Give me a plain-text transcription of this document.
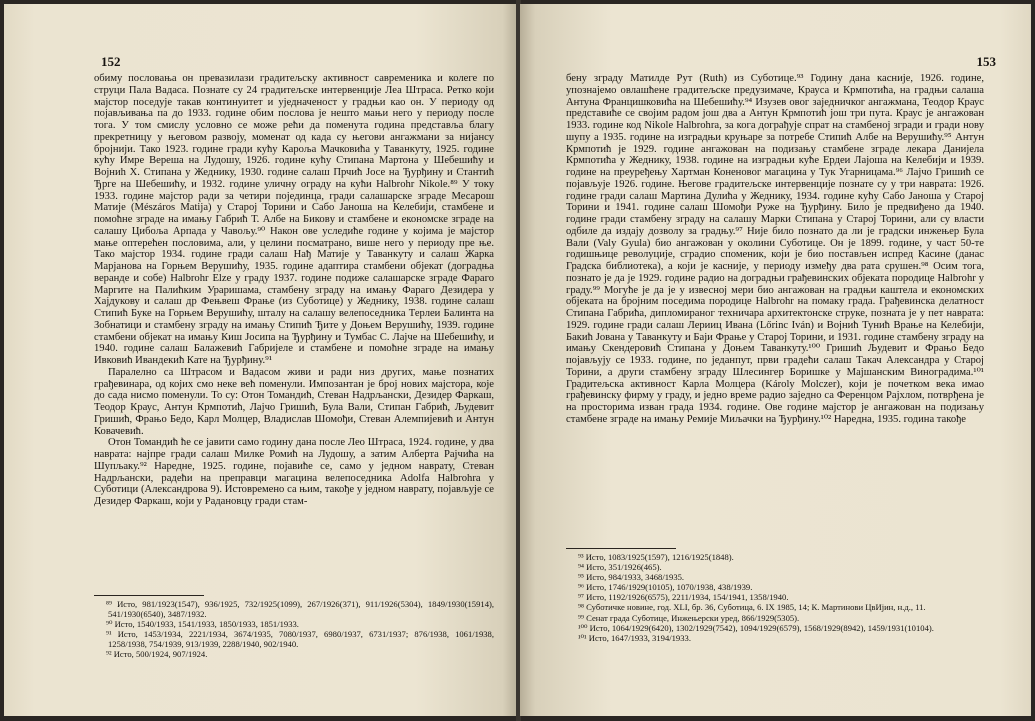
152

обиму пословања он превазилази градитељску активност савременика и колеге по струци Пала Вадаса. Познате су 24 градитељске интервенције Леа Штраса. Ретко који мајстор поседује такав континуитет и уједначеност у градњи као он. У периоду од појављивања па до 1933. године обим послова је нешто мањи него у периоду после тога. У том смислу условно се може рећи да поменута година представља благу прекретницу у његовом развоју, моменат од када су његови ангажмани за нијансу бројнији. Тако 1923. године гради кућу Карoља Мачковића у Таванкуту, 1925. године кућу Имре Вереша на Лудошу, 1926. године кућу Стипана Мартона у Шебешићу и Војниh X. Стипана у Жеднику, 1930. године салаш Прчић Јосе на Ђурђину и Стантић Ђрге на Шебешићу, и 1932. године уличну ограду на кући Halbrohr Nikole.⁸⁹ У току 1933. године мајстор ради за четири појединца, гради салашарске зграде Месарош Матије (Mészáros Matija) у Старој Торини и Сабо Јаноша на Келебији, стамбене и помоћне зграде на имању Габрић Т. Албе на Биковy и стамбене и економске зграде на салашу Цибоља Арпада у Чавољу.⁹⁰ Након ове уследиће године у којима је мајстор мање оптерећен пословима, али, у целини посматрано, више него у периоду пре ње. Тако мајстор 1934. године гради салаш Нађ Матије у Таванкуту и салаш Жарка Марјанова на Горњем Верушићу, 1935. године адаптира стамбени објекат (доградња веранде и собе) Halbrohr Elze у граду 1937. године подиже салашарске зграде Фараго Маргите на Палићким Ураришама, стамбену зграду на имању Фараго Дезидера у Хајдукову и салаш др Фењвеш Фрање (из Суботице) у Жеднику, 1938. године салаш Стипић Буке на Горњем Верушићу, шталу на салашу велепоседника Терлеи Балинта на Зобнатици и стамбену зграду на имању Стипић Ђите у Доњем Верушићу, 1939. године стамбени објекат на имању Киш Јосипа на Ђурђину и Тумбас С. Лајче на Шебешићу, и 1940. године салаш Балажевић Габријеле и стамбене и помоћне зграде на имању Ивковић Ивандекић Кате на Ђурђину.⁹¹

Паралелно са Штрасом и Вадасом живи и ради низ других, мање познатих грађевинара, од којих смо неке већ поменули. Импозантан је број нових мајстора, које до сада нисмо поменули. То су: Отон Томандић, Стеван Надрљански, Дезидер Фаркаш, Теодор Краус, Антун Крмпотић, Лајчо Гришић, Була Вали, Стипан Габрић, Људевит Гришић, Фрањо Бедо, Карл Молцер, Владислав Шомођи, Стеван Алемпијевић и Антун Ковачевић.

Отон Томандић ће се јавити само годину дана после Лео Штраса, 1924. године, у два наврата: најпре гради салаш Милке Ромић на Лудошу, а затим Алберта Рајчића на Шупљаку.⁹² Наредне, 1925. године, појавиће се, само у једном наврату, Стеван Надрљански, радећи на преправци магацина велепоседника Adolfa Halbrohra у Суботици (Александрова 9). Истовремено са њим, такође у једном наврату, појављује се Дезидер Фаркаш, који у Радановцу гради стам-

⁸⁹ Исто, 981/1923(1547), 936/1925, 732/1925(1099), 267/1926(371), 911/1926(5304), 1849/1930(15914), 541/1930(6540), 3487/1932.

⁹⁰ Исто, 1540/1933, 1541/1933, 1850/1933, 1851/1933.

⁹¹ Исто, 1453/1934, 2221/1934, 3674/1935, 7080/1937, 6980/1937, 6731/1937; 876/1938, 1061/1938, 1258/1938, 754/1939, 913/1939, 2288/1940, 902/1940.

⁹² Исто, 500/1924, 907/1924.

153

бену зграду Матилде Рут (Ruth) из Суботице.⁹³ Годину дана касније, 1926. године, упознајемо овлашћене градитељске предузимаче, Крауса и Крмпотића, на градњи салаша Антуна Францишковића на Шебешићу.⁹⁴ Изузев овог заједничког ангажмана, Теодор Краус представиће се својим радом још два а Антун Крмпотић још три пута. Краус је ангажован 1933. године код Nikole Halbrohra, за кога дограђује спрат на стамбеној згради и гради нову шупу а 1935. године на изградњи круњаре за потребе Стипић Албе на Верушићу.⁹⁵ Антун Крмпотић је 1929. године ангажован на подизању стамбене зграде лекара Данијела Крмпотића у Жеднику, 1938. године на изградњи куће Ердеи Лајоша на Келебији и 1939. године на преуређењу Хартман Коненовог магацина у Тук Угарницама.⁹⁶ Лајчо Гришић се појављује 1926. године. Његове градитељске интервенције познате су у три наврата: 1926. године гради салаш Мартина Дулића у Жеднику, 1934. године кућу Сабо Јаноша у Старој Торини и 1941. године салаш Шомођи Руже на Ђурђину. Било је предвиђено да 1940. године гради стамбену зграду на салашу Марки Стипана у Старој Торини, али су власти одбиле да издају дозволу за градњу.⁹⁷ Није било познато да ли је градски инжењер Була Вали (Valy Gyula) био ангажован у околини Суботице. Он је 1899. године, у част 50-те годишњице револуције, сградио споменик, који је био постављен испред Касине (данас Градска библиотека), а који је касније, у периоду између два рата срушен.⁹⁸ Осим тога, познато је да је 1929. године радио на доградњи грађевинских објеката породице Halbrohr у граду.⁹⁹ Могуће је да је у извесној мери био ангажован на градњи каштела и економских објеката на бројним поседима породице Halbrohr на помаку града. Грађевинска делатност Стипана Габрића, дипломираног техничара архитектонске струке, позната је у пет наврата: 1929. године гради салаш Лерииц Ивана (Lőrinc Iván) и Војнић Тунић Врање на Келебији, Бакић Јована у Таванкуту и Баји Фрање у Старој Торини, и 1931. године стамбену зграду на имању Скендеровић Стипана у Доњем Таванкуту.¹⁰⁰ Гришић Људевит и Фрањо Бедо појављују се 1933. године, по једанпут, први градећи салаш Такач Александра у Старој Торини, а други стамбену зграду Шлесингер Боришке у Мајшанским Виноградима.¹⁰¹ Градитељска активност Карла Молцера (Károly Molczer), који је почетком века имао грађевинску фирму у граду, и једно време радио заједно са Ференцом Рајхлом, потврђена је на просторима изван града 1934. године. Ове године мајстор је ангажован на подизању стамбене зграде на имању Ремије Миљачки на Ђурђину.¹⁰² Наредна, 1935. година такође

⁹³ Исто, 1083/1925(1597), 1216/1925(1848).

⁹⁴ Исто, 351/1926(465).

⁹⁵ Исто, 984/1933, 3468/1935.

⁹⁶ Исто, 1746/1929(10105), 1070/1938, 438/1939.

⁹⁷ Исто, 1192/1926(6575), 2211/1934, 154/1941, 1358/1940.

⁹⁸ Суботичке новине, год. XLI, бр. 36, Суботица, 6. IX 1985, 14; К. Мартинови ЦвИјин, н.д., 11.

⁹⁹ Сенат града Суботице, Инжењерски уред, 866/1929(5305).

¹⁰⁰ Исто, 1064/1929(6420), 1302/1929(7542), 1094/1929(6579), 1568/1929(8942), 1459/1931(10104).

¹⁰¹ Исто, 1647/1933, 3194/1933.
